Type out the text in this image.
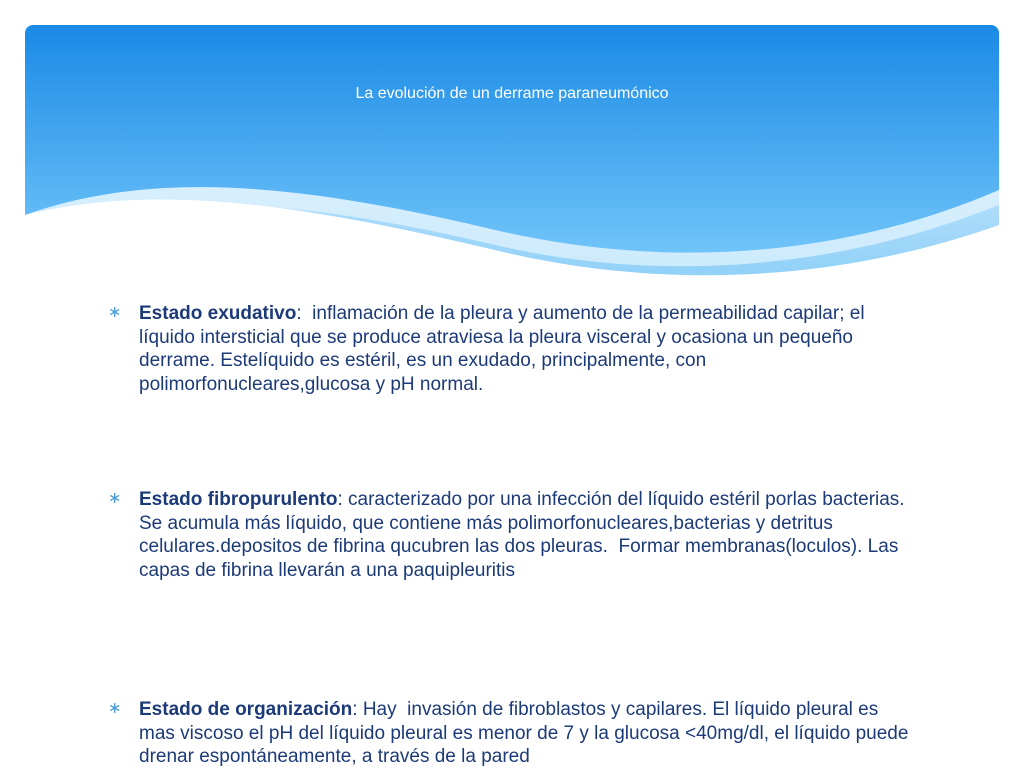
La evolución de un derrame paraneumónico
∗ Estado exudativo:  inflamación de la pleura y aumento de la permeabilidad capilar; el líquido intersticial que se produce atraviesa la pleura visceral y ocasiona un pequeño derrame. Estelíquido es estéril, es un exudado, principalmente, con polimorfonucleares,glucosa y pH normal.
∗ Estado fibropurulento: caracterizado por una infección del líquido estéril porlas bacterias. Se acumula más líquido, que contiene más polimorfonucleares,bacterias y detritus celulares.depositos de fibrina qucubren las dos pleuras.  Formar membranas(loculos). Las capas de fibrina llevarán a una paquipleuritis
∗ Estado de organización: Hay  invasión de fibroblastos y capilares. El líquido pleural es mas viscoso el pH del líquido pleural es menor de 7 y la glucosa <40mg/dl, el líquido puede drenar espontáneamente, a través de la pared
